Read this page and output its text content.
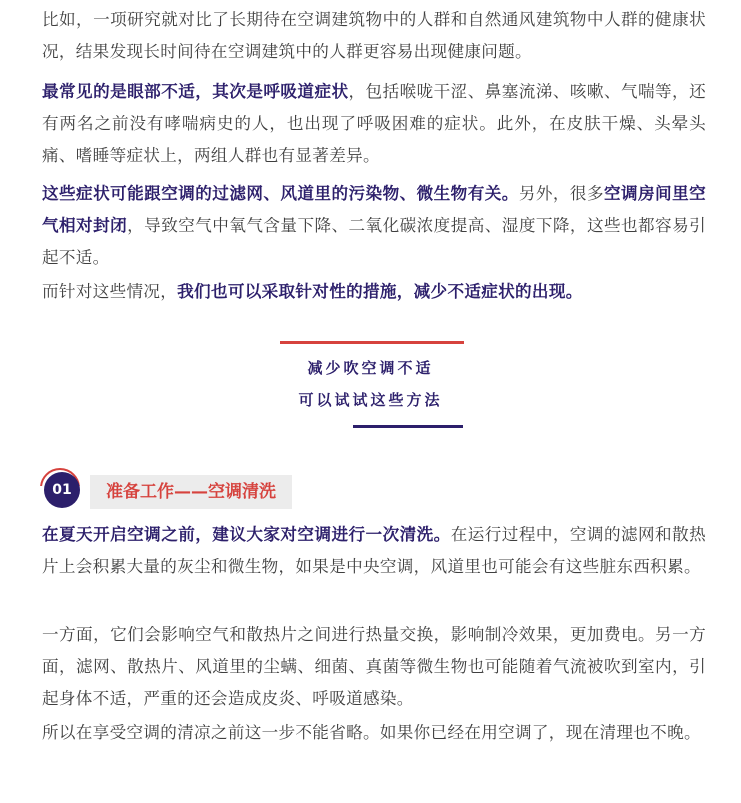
比如，一项研究就对比了长期待在空调建筑物中的人群和自然通风建筑物中人群的健康状况，结果发现长时间待在空调建筑中的人群更容易出现健康问题。

最常见的是眼部不适，其次是呼吸道症状，包括喉咙干涩、鼻塞流涕、咳嗽、气喘等，还有两名之前没有哮喘病史的人，也出现了呼吸困难的症状。此外，在皮肤干燥、头晕头痛、嗜睡等症状上，两组人群也有显著差异。

这些症状可能跟空调的过滤网、风道里的污染物、微生物有关。另外，很多空调房间里空气相对封闭，导致空气中氧气含量下降、二氧化碳浓度提高、湿度下降，这些也都容易引起不适。

而针对这些情况，我们也可以采取针对性的措施，减少不适症状的出现。

减少吹空调不适
可以试试这些方法
01	准备工作——空调清洗

在夏天开启空调之前，建议大家对空调进行一次清洗。在运行过程中，空调的滤网和散热片上会积累大量的灰尘和微生物，如果是中央空调，风道里也可能会有这些脏东西积累。

一方面，它们会影响空气和散热片之间进行热量交换，影响制冷效果，更加费电。另一方面，滤网、散热片、风道里的尘螨、细菌、真菌等微生物也可能随着气流被吹到室内，引起身体不适，严重的还会造成皮炎、呼吸道感染。

所以在享受空调的清凉之前这一步不能省略。如果你已经在用空调了，现在清理也不晚。
